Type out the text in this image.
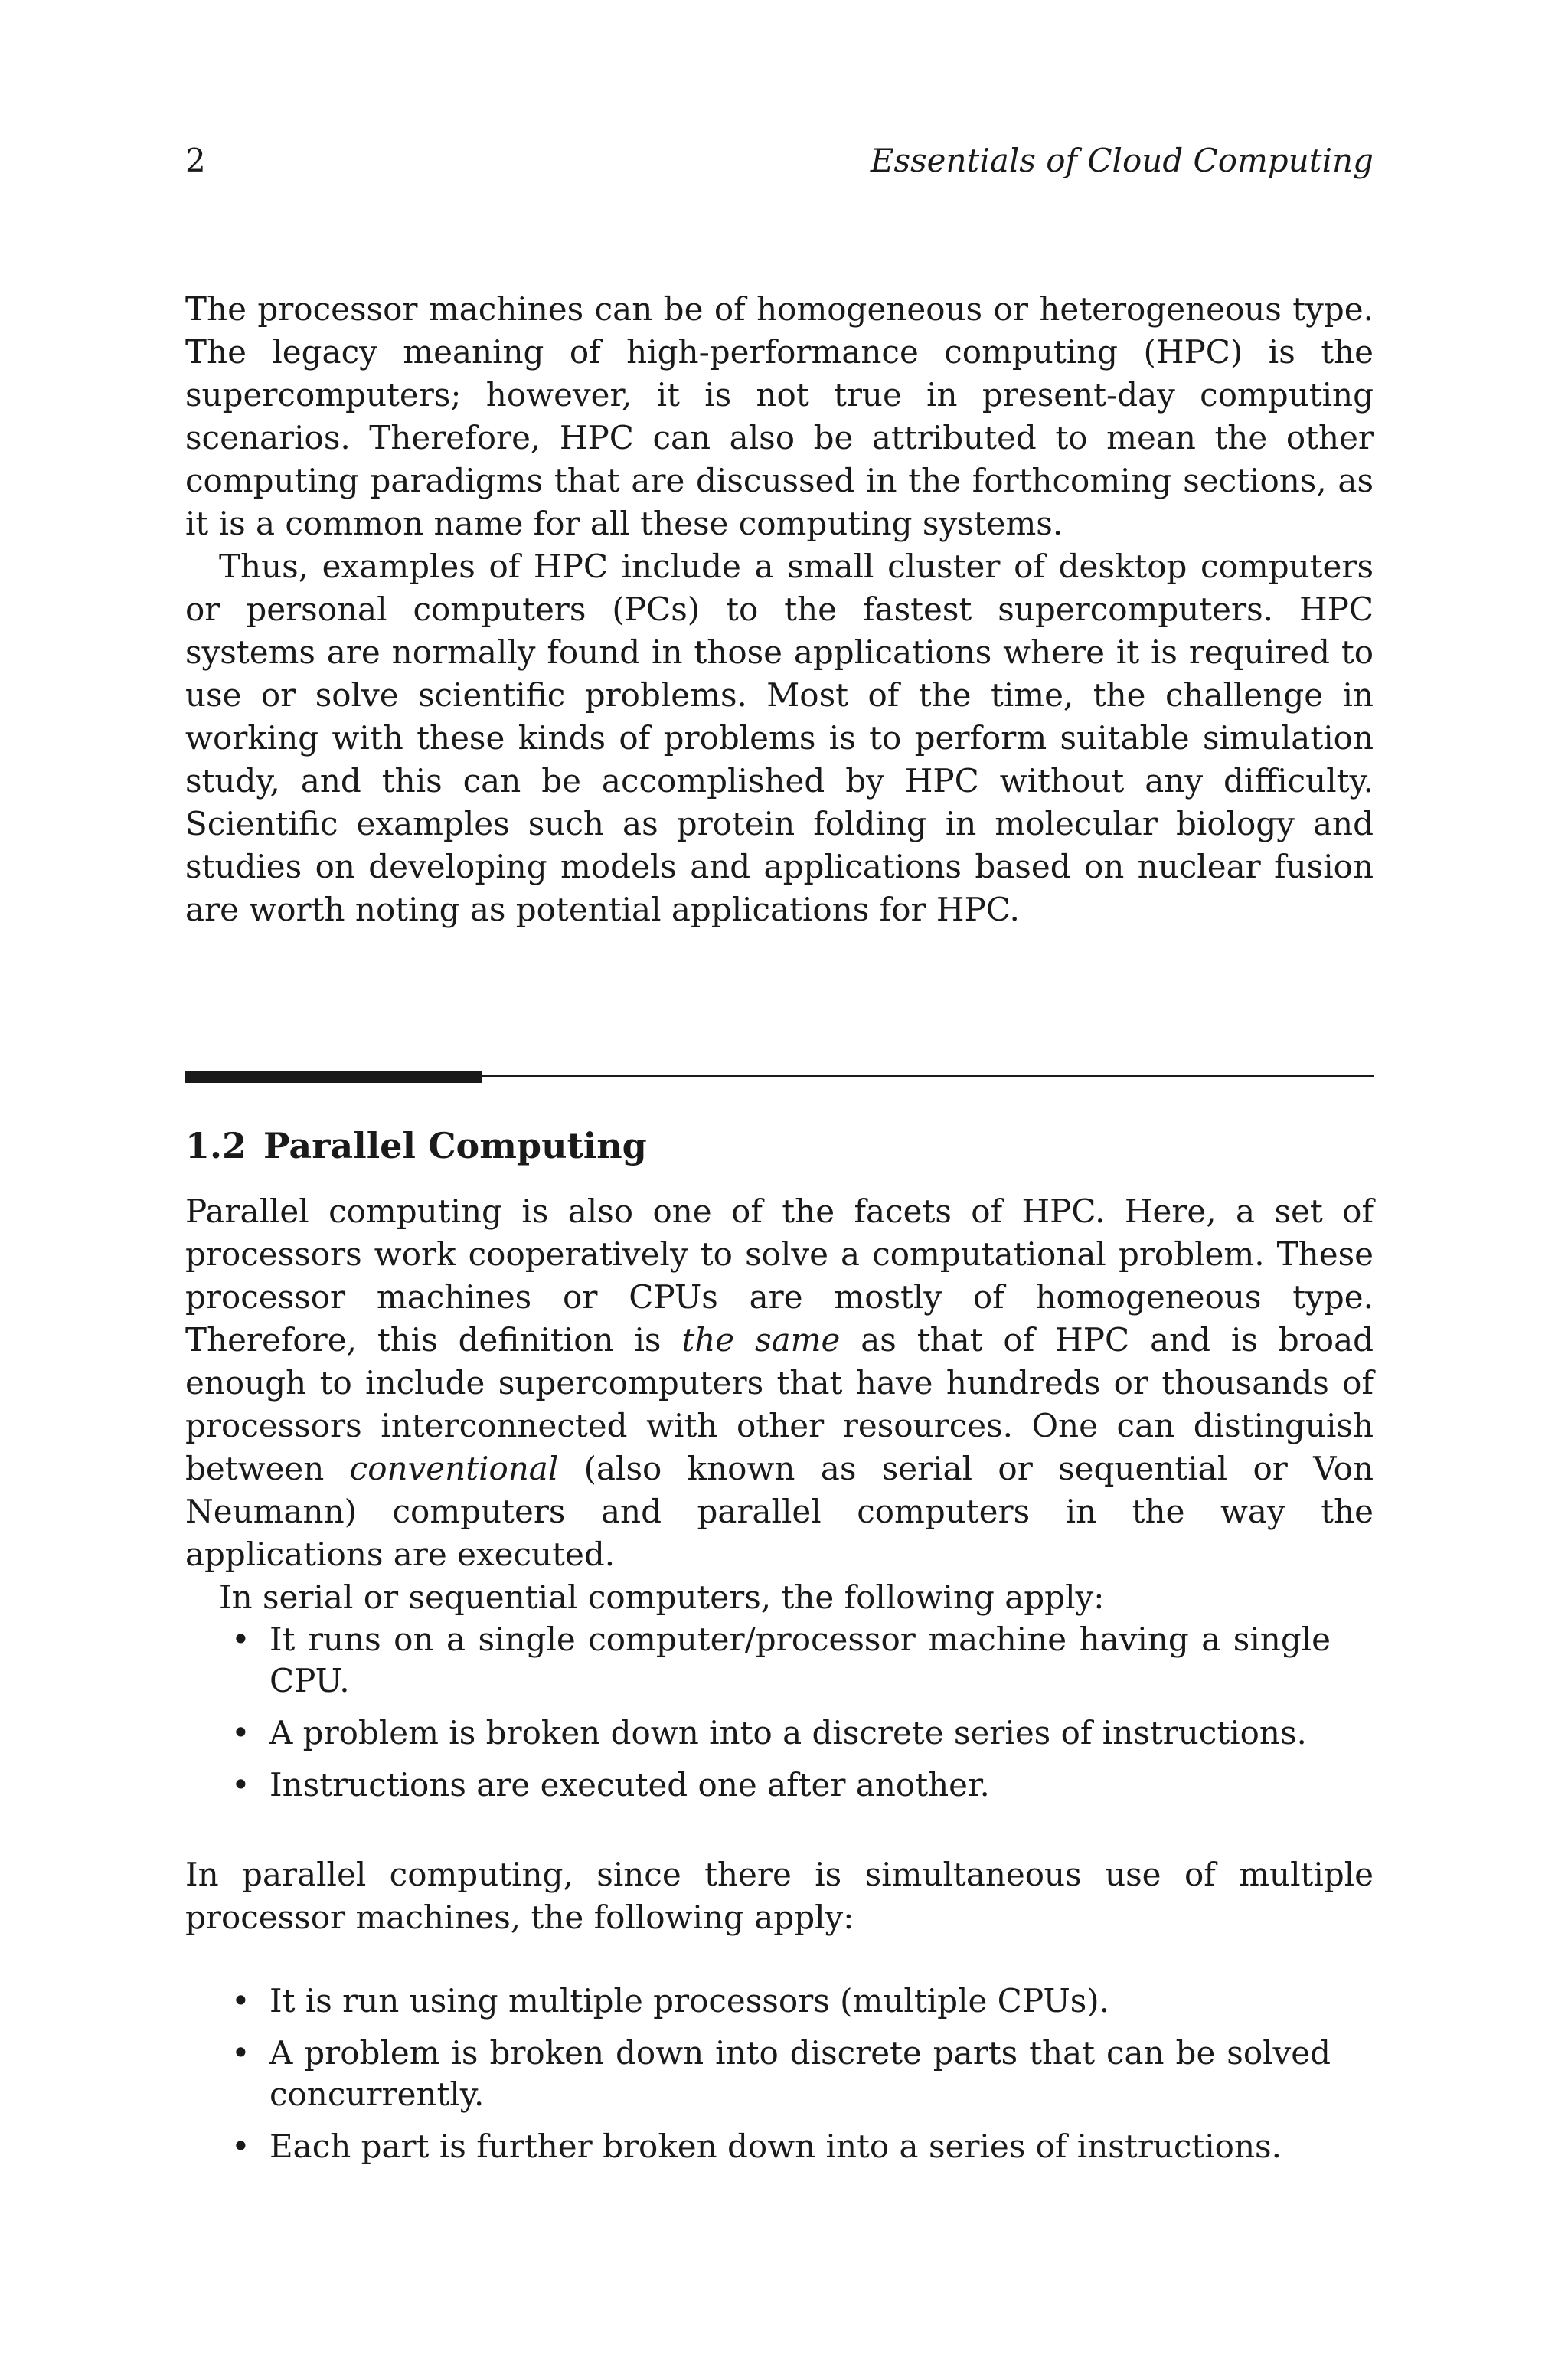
2	Essentials of Cloud Computing

The processor machines can be of homogeneous or heterogeneous type. The legacy meaning of high-performance computing (HPC) is the supercomputers; however, it is not true in present-day computing scenarios. Therefore, HPC can also be attributed to mean the other computing paradigms that are discussed in the forthcoming sections, as it is a common name for all these computing systems.

Thus, examples of HPC include a small cluster of desktop computers or personal computers (PCs) to the fastest supercomputers. HPC systems are normally found in those applications where it is required to use or solve scientific problems. Most of the time, the challenge in working with these kinds of problems is to perform suitable simulation study, and this can be accomplished by HPC without any difficulty. Scientific examples such as protein folding in molecular biology and studies on developing models and applications based on nuclear fusion are worth noting as potential applications for HPC.

1.2 Parallel Computing

Parallel computing is also one of the facets of HPC. Here, a set of processors work cooperatively to solve a computational problem. These processor machines or CPUs are mostly of homogeneous type. Therefore, this definition is the same as that of HPC and is broad enough to include supercomputers that have hundreds or thousands of processors interconnected with other resources. One can distinguish between conventional (also known as serial or sequential or Von Neumann) computers and parallel computers in the way the applications are executed.

In serial or sequential computers, the following apply:

• It runs on a single computer/processor machine having a single CPU.
• A problem is broken down into a discrete series of instructions.
• Instructions are executed one after another.

In parallel computing, since there is simultaneous use of multiple processor machines, the following apply:

• It is run using multiple processors (multiple CPUs).
• A problem is broken down into discrete parts that can be solved concurrently.
• Each part is further broken down into a series of instructions.
